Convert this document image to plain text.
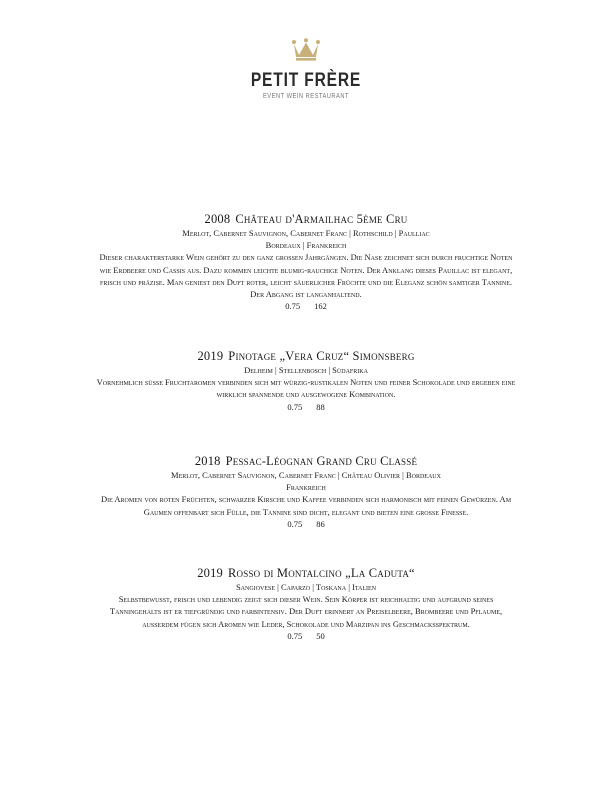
PETIT FRÈRE
EVENT WEIN RESTAURANT
2008 Château d'Armailhac 5ème Cru

Merlot, Cabernet Sauvignon, Cabernet Franc | Rothschild | Paulliac

Bordeaux | Frankreich

Dieser charakterstarke Wein gehört zu den ganz grossen Jahrgängen. Die Nase zeichnet sich durch fruchtige Noten wie Erdbeere und Cassis aus. Dazu kommen leichte blumig-rauchige Noten. Der Anklang dieses Pauillac ist elegant, frisch und präzise. Man geniest den Duft roter, leicht säuerlicher Früchte und die Eleganz schön samtiger Tannine. Der Abgang ist langanhaltend.

0.75 162

2019 Pinotage „Vera Cruz“ Simonsberg

Delheim | Stellenbosch | Südafrika

Vornehmlich süße Fruchtaromen verbinden sich mit würzig-rustikalen Noten und feiner Schokolade und ergeben eine wirklich spannende und ausgewogene Kombination.

0.75 88

2018 Pessac-Léognan Grand Cru Classé

Merlot, Cabernet Sauvignon, Cabernet Franc | Château Olivier | Bordeaux

Frankreich

Die Aromen von roten Früchten, schwarzer Kirsche und Kaffee verbinden sich harmonisch mit feinen Gewürzen. Am Gaumen offenbart sich Fülle, die Tannine sind dicht, elegant und bieten eine große Finesse.

0.75 86

2019 Rosso di Montalcino „La Caduta“

Sangiovese | Caparzo | Toskana | Italien

Selbstbewusst, frisch und lebendig zeigt sich dieser Wein. Sein Körper ist reichhaltig und aufgrund seines Tanningehalts ist er tiefgründig und farbintensiv. Der Duft erinnert an Preiselbeere, Brombeere und Pflaume, außerdem fügen sich Aromen wie Leder, Schokolade und Marzipan ins Geschmacksspektrum.

0.75 50
